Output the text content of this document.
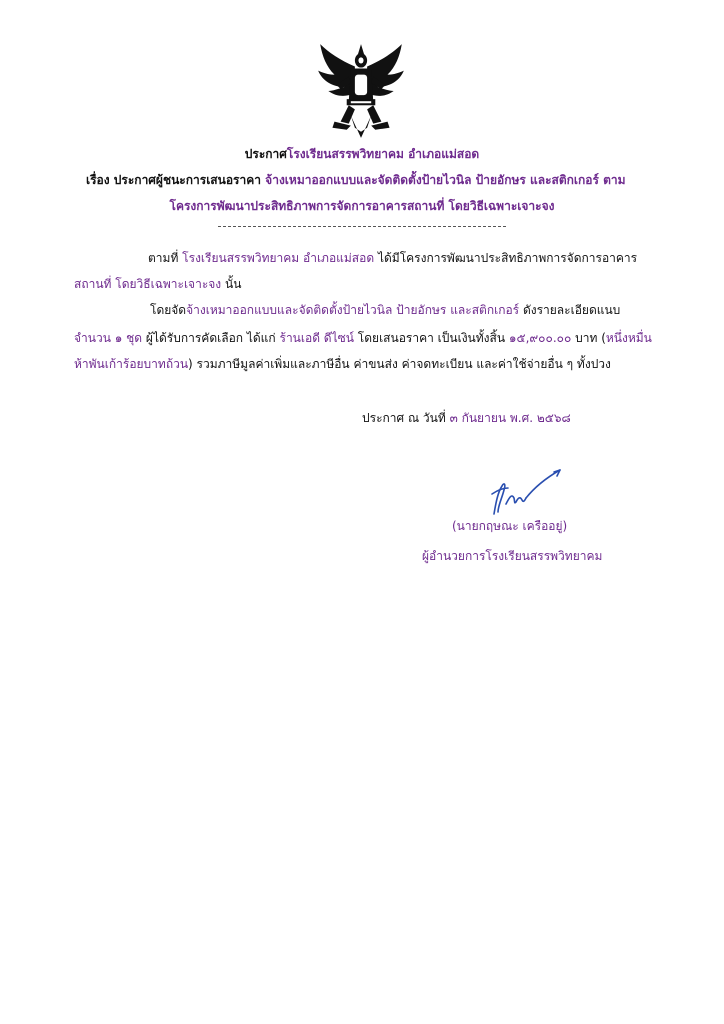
ประกาศโรงเรียนสรรพวิทยาคม อำเภอแม่สอด
เรื่อง ประกาศผู้ชนะการเสนอราคา จ้างเหมาออกแบบและจัดติดตั้งป้ายไวนิล ป้ายอักษร และสติกเกอร์ ตาม
โครงการพัฒนาประสิทธิภาพการจัดการอาคารสถานที่ โดยวิธีเฉพาะเจาะจง
ตามที่ โรงเรียนสรรพวิทยาคม อำเภอแม่สอด ได้มีโครงการพัฒนาประสิทธิภาพการจัดการอาคาร
สถานที่ โดยวิธีเฉพาะเจาะจง นั้น
โดยจัดจ้างเหมาออกแบบและจัดติดตั้งป้ายไวนิล ป้ายอักษร และสติกเกอร์ ดังรายละเอียดแนบ
จำนวน ๑ ชุด ผู้ได้รับการคัดเลือก ได้แก่ ร้านเอดี ดีไซน์ โดยเสนอราคา เป็นเงินทั้งสิ้น ๑๕,๙๐๐.๐๐ บาท (หนึ่งหมื่น
ห้าพันเก้าร้อยบาทถ้วน) รวมภาษีมูลค่าเพิ่มและภาษีอื่น ค่าขนส่ง ค่าจดทะเบียน และค่าใช้จ่ายอื่น ๆ ทั้งปวง
ประกาศ ณ วันที่ ๓ กันยายน พ.ศ. ๒๕๖๘
(นายกฤษณะ เครืออยู่)
ผู้อำนวยการโรงเรียนสรรพวิทยาคม
